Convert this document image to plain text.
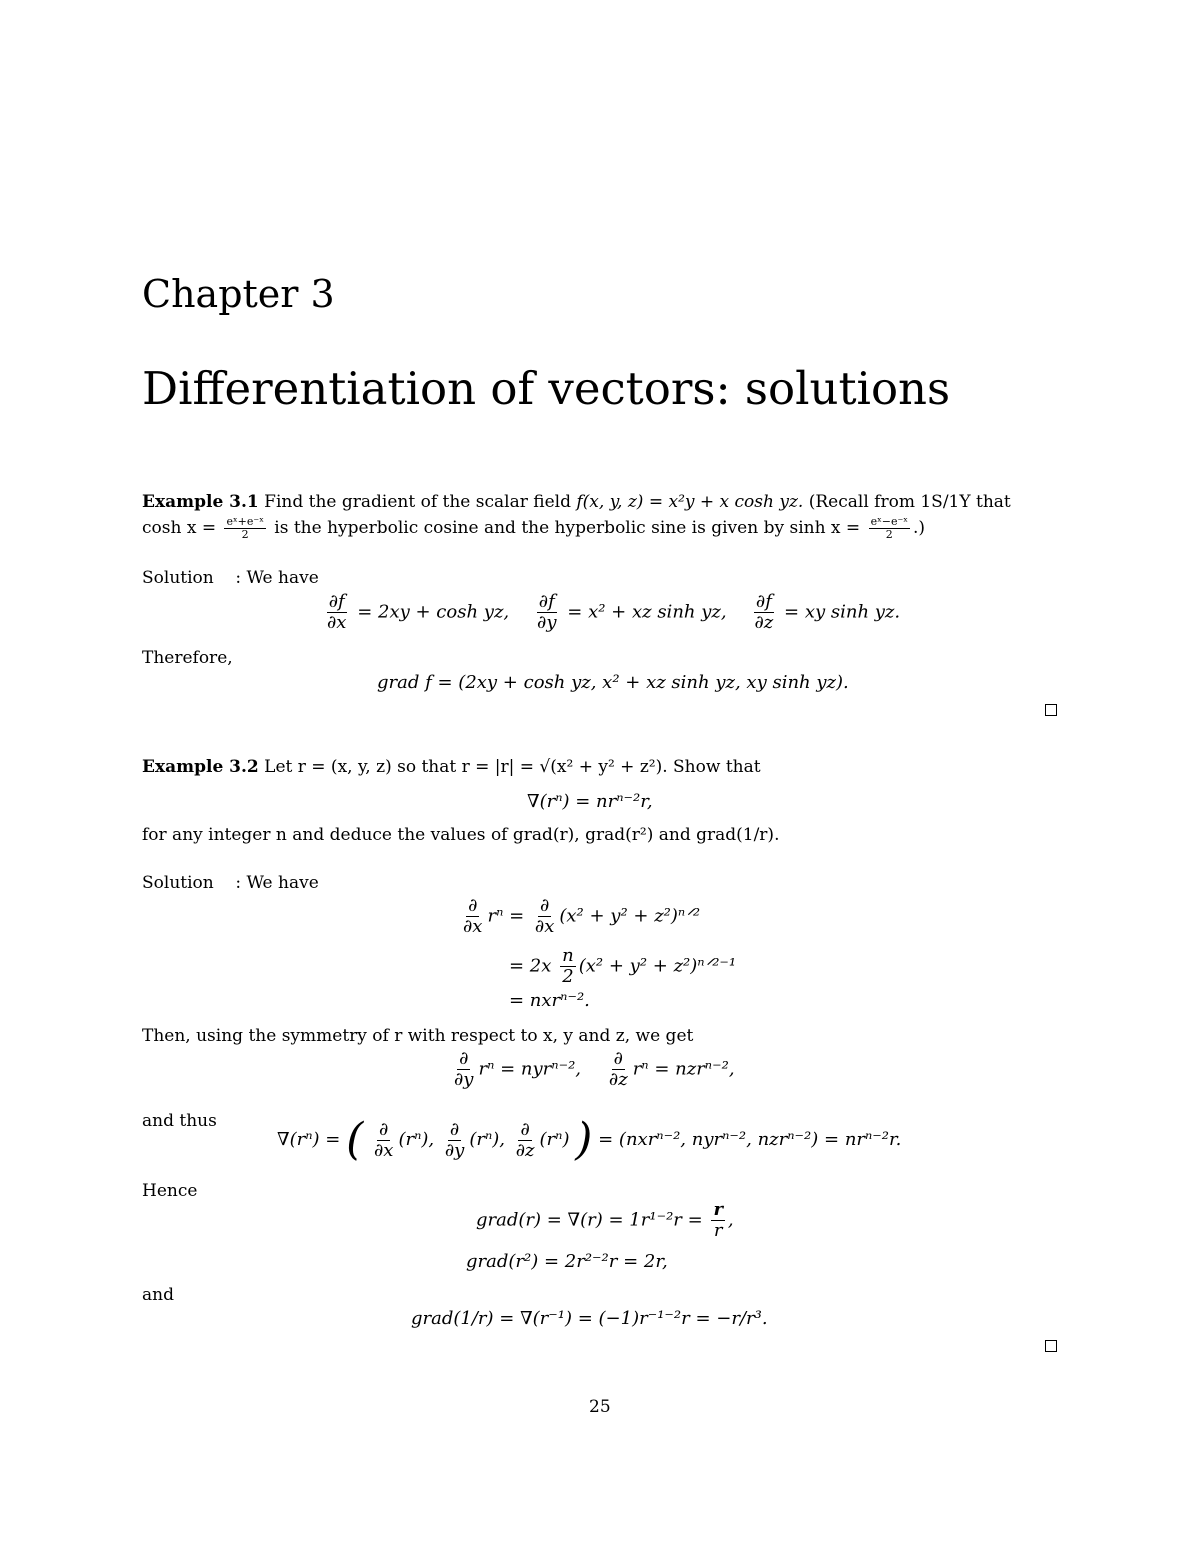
Chapter 3
Differentiation of vectors: solutions
Example 3.1 Find the gradient of the scalar field f(x, y, z) = x²y + x cosh yz. (Recall from 1S/1Y that
$\cosh x = \frac{\text{eˣ+e⁻ˣ}}{2}$ is the hyperbolic cosine and the hyperbolic sine is given by $\sinh x = \frac{\text{eˣ−e⁻ˣ}}{2}$ .)
Solution : We have
$\frac{\partial f}{\partial x} = 2xy + \cosh$ yz, $\frac{\partial f}{\partial y} = x^2$ + xz sinh yz, $\frac{\partial f}{\partial z}$ = xy sinh yz.
Therefore,
grad f = (2xy + cosh yz, x² + xz sinh yz, xy sinh yz).
Example 3.2 Let r = (x, y, z) so that r = |r| = √(x² + y² + z²). Show that
∇(rⁿ) = nrⁿ⁻²r,
for any integer n and deduce the values of grad(r), grad(r²) and grad(1/r).
Solution : We have
$\frac{\partial}{\partial x}$ $r^n = \frac{\partial}{\partial x} (x^2 + y^2$ + z²)ⁿᐟ²
= $2x \frac{n}{2} (x^2 + y^2$ + z²)ⁿᐟ²⁻¹
= nxrⁿ⁻².
Then, using the symmetry of r with respect to x, y and z, we get
$\frac{\partial}{\partial y}$ rⁿ = nyrⁿ⁻², $\frac{\partial}{\partial z}$ rⁿ = nzrⁿ⁻²,
and thus
∇(rⁿ) = ( $\frac{\partial}{\partial x} (r^n)$, $\frac{\partial}{\partial y} (r^n)$, $\frac{\partial}{\partial z} (r^n)$ ) = (nxrⁿ⁻², nyrⁿ⁻², nzrⁿ⁻²) = nrⁿ⁻²r.
Hence
grad(r) = $\nabla(r) = 1r^{1-2}r = \frac{r}{r}$ ,
grad(r²) = 2r²⁻²r = 2r,
and
grad(1/r) = ∇(r⁻¹) = (−1)r⁻¹⁻²r = −r/r³.
25
